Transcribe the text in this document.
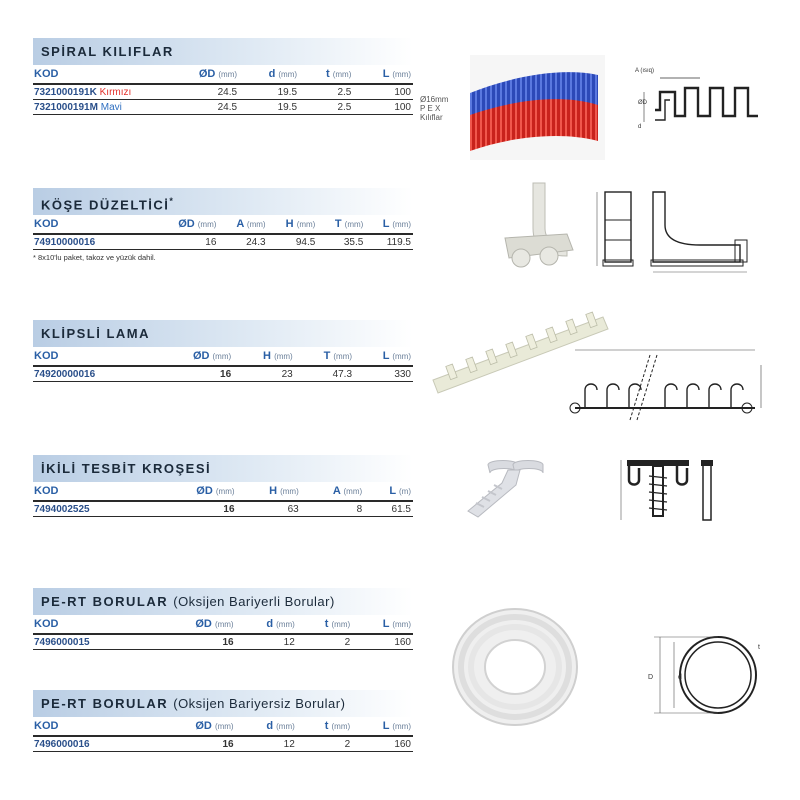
SPİRAL KILIFLAR
KOD	ØD (mm)	d (mm)	t (mm)	L (mm)
7321000191K Kırmızı	24.5	19.5	2.5	100
7321000191M Mavi	24.5	19.5	2.5	100
Ø16mm
P E X
Kılıflar
A (ısıq)
ØD
d
KÖŞE DÜZELTİCİ*
KOD	ØD (mm)	A (mm)	H (mm)	T (mm)	L (mm)
74910000016	16	24.3	94.5	35.5	119.5
* 8x10'lu paket, takoz ve yüzük dahil.
KLİPSLİ LAMA
KOD	ØD (mm)	H (mm)	T (mm)	L (mm)
74920000016	16	23	47.3	330
İKİLİ TESBİT KROŞESİ
KOD	ØD (mm)	H (mm)	A (mm)	L (m)
7494002525	16	63	8	61.5
PE-RT BORULAR (Oksijen Bariyerli Borular)
KOD	ØD (mm)	d (mm)	t (mm)	L (mm)
7496000015	16	12	2	160
PE-RT BORULAR (Oksijen Bariyersiz Borular)
KOD	ØD (mm)	d (mm)	t (mm)	L (mm)
7496000016	16	12	2	160
D	d
t
